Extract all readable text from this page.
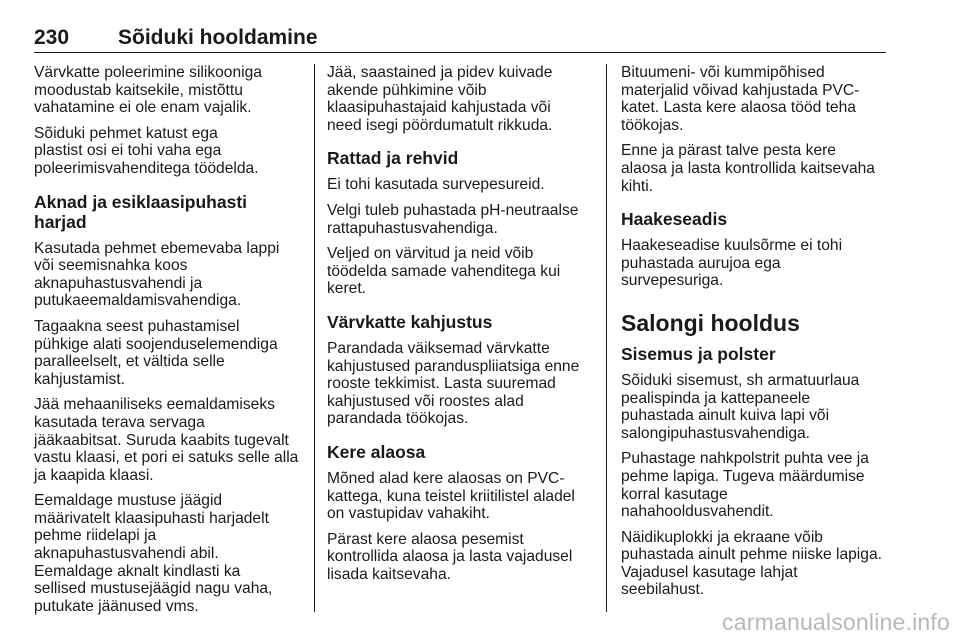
230	Sõiduki hooldamine

Värvkatte poleerimine silikooniga
moodustab kaitsekile, mistõttu
vahatamine ei ole enam vajalik.

Sõiduki pehmet katust ega
plastist osi ei tohi vaha ega
poleerimisvahenditega töödelda.

Aknad ja esiklaasipuhasti harjad

Kasutada pehmet ebemevaba lappi
või seemisnahka koos
aknapuhastusvahendi ja
putukaeemaldamisvahendiga.

Tagaakna seest puhastamisel
pühkige alati soojenduselemendiga
paralleelselt, et vältida selle
kahjustamist.

Jää mehaaniliseks eemaldamiseks
kasutada terava servaga
jääkaabitsat. Suruda kaabits tugevalt
vastu klaasi, et pori ei satuks selle alla
ja kaapida klaasi.

Eemaldage mustuse jäägid
määrivatelt klaasipuhasti harjadelt
pehme riidelapi ja
aknapuhastusvahendi abil.
Eemaldage aknalt kindlasti ka
sellised mustusejäägid nagu vaha,
putukate jäänused vms.

Jää, saastained ja pidev kuivade
akende pühkimine võib
klaasipuhastajaid kahjustada või
need isegi pöördumatult rikkuda.

Rattad ja rehvid

Ei tohi kasutada survepesureid.

Velgi tuleb puhastada pH-neutraalse
rattapuhastusvahendiga.

Veljed on värvitud ja neid võib
töödelda samade vahenditega kui
keret.

Värvkatte kahjustus

Parandada väiksemad värvkatte
kahjustused paranduspliiatsiga enne
rooste tekkimist. Lasta suuremad
kahjustused või roostes alad
parandada töökojas.

Kere alaosa

Mõned alad kere alaosas on PVC-
kattega, kuna teistel kriitilistel aladel
on vastupidav vahakiht.

Pärast kere alaosa pesemist
kontrollida alaosa ja lasta vajadusel
lisada kaitsevaha.

Bituumeni- või kummipõhised
materjalid võivad kahjustada PVC-
katet. Lasta kere alaosa tööd teha
töökojas.

Enne ja pärast talve pesta kere
alaosa ja lasta kontrollida kaitsevaha
kihti.

Haakeseadis

Haakeseadise kuulsõrme ei tohi
puhastada aurujoa ega
survepesuriga.

Salongi hooldus
Sisemus ja polster

Sõiduki sisemust, sh armatuurlaua
pealispinda ja kattepaneele
puhastada ainult kuiva lapi või
salongipuhastusvahendiga.

Puhastage nahkpolstrit puhta vee ja
pehme lapiga. Tugeva määrdumise
korral kasutage
nahahooldusvahendit.

Näidikuplokki ja ekraane võib
puhastada ainult pehme niiske lapiga.
Vajadusel kasutage lahjat
seebilahust.

carmanualsonline.info
